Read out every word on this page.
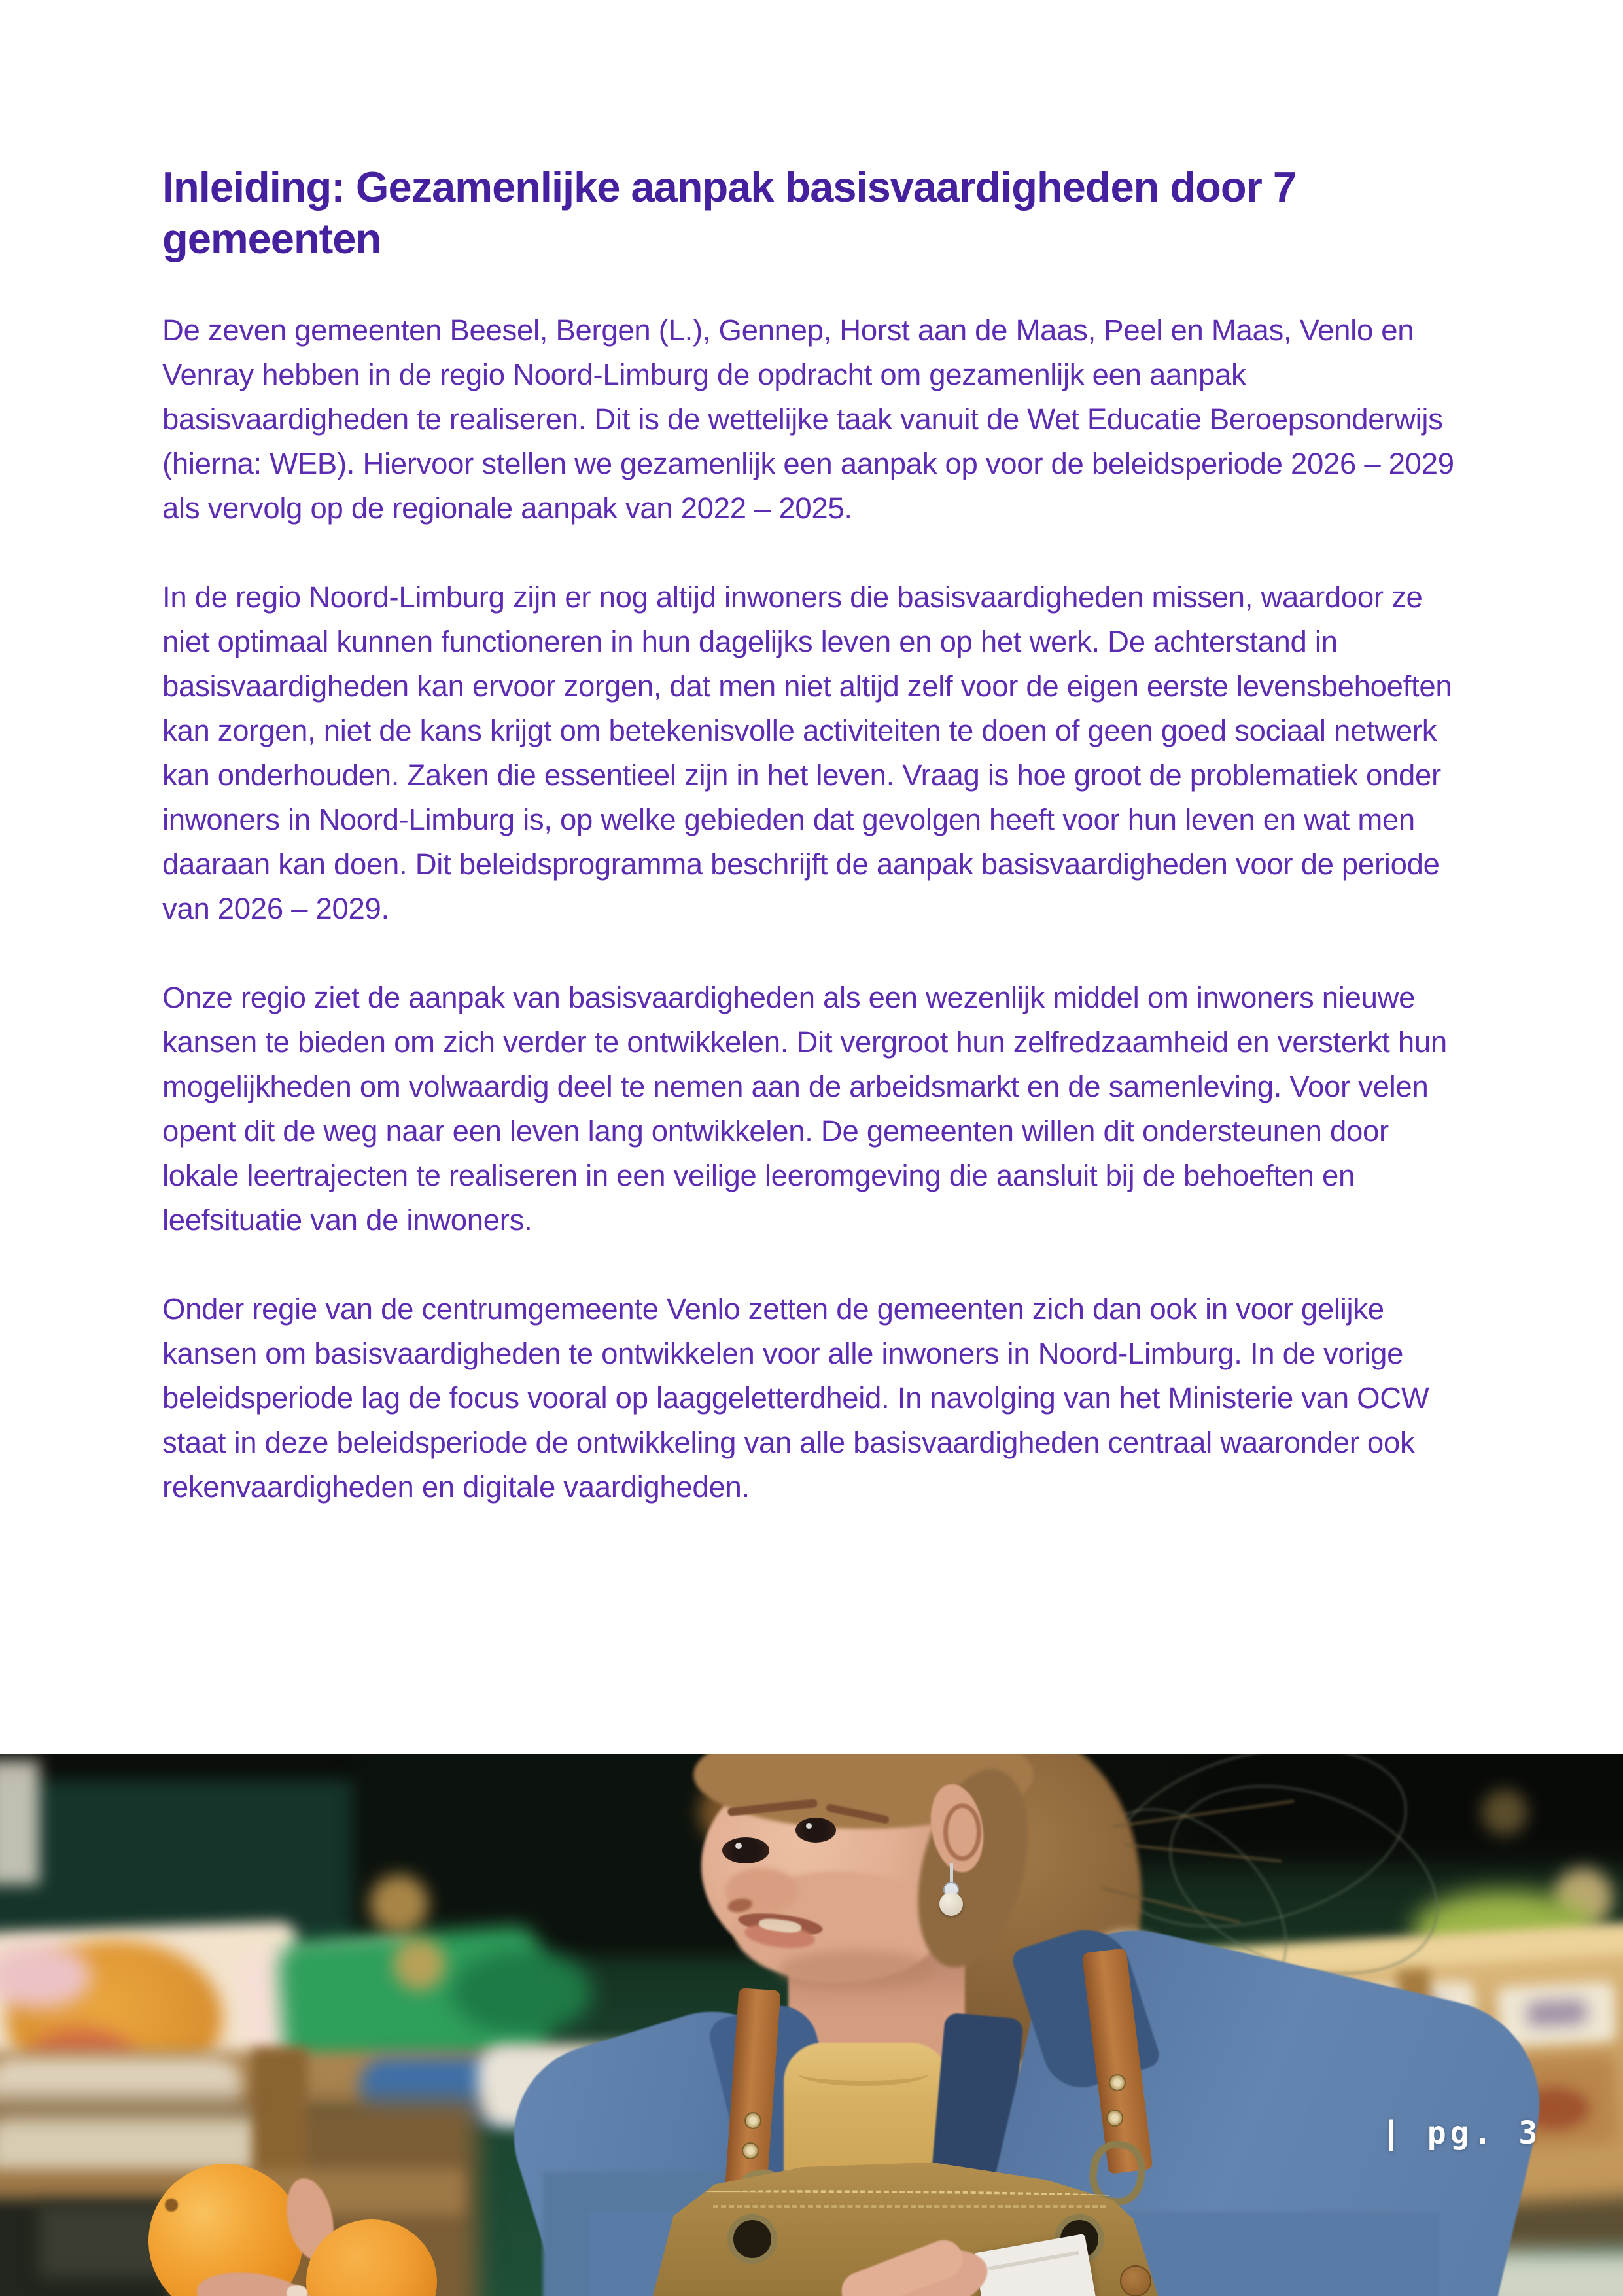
Inleiding: Gezamenlijke aanpak basisvaardigheden door 7 gemeenten

De zeven gemeenten Beesel, Bergen (L.), Gennep, Horst aan de Maas, Peel en Maas, Venlo en Venray hebben in de regio Noord-Limburg de opdracht om gezamenlijk een aanpak basisvaardigheden te realiseren. Dit is de wettelijke taak vanuit de Wet Educatie Beroepsonderwijs (hierna: WEB). Hiervoor stellen we gezamenlijk een aanpak op voor de beleidsperiode 2026 – 2029 als vervolg op de regionale aanpak van 2022 – 2025.

In de regio Noord-Limburg zijn er nog altijd inwoners die basisvaardigheden missen, waardoor ze niet optimaal kunnen functioneren in hun dagelijks leven en op het werk. De achterstand in basisvaardigheden kan ervoor zorgen, dat men niet altijd zelf voor de eigen eerste levensbehoeften kan zorgen, niet de kans krijgt om betekenisvolle activiteiten te doen of geen goed sociaal netwerk kan onderhouden. Zaken die essentieel zijn in het leven. Vraag is hoe groot de problematiek onder inwoners in Noord-Limburg is, op welke gebieden dat gevolgen heeft voor hun leven en wat men daaraan kan doen. Dit beleidsprogramma beschrijft de aanpak basisvaardigheden voor de periode van 2026 – 2029.

Onze regio ziet de aanpak van basisvaardigheden als een wezenlijk middel om inwoners nieuwe kansen te bieden om zich verder te ontwikkelen. Dit vergroot hun zelfredzaamheid en versterkt hun mogelijkheden om volwaardig deel te nemen aan de arbeidsmarkt en de samenleving. Voor velen opent dit de weg naar een leven lang ontwikkelen. De gemeenten willen dit ondersteunen door lokale leertrajecten te realiseren in een veilige leeromgeving die aansluit bij de behoeften en leefsituatie van de inwoners.

Onder regie van de centrumgemeente Venlo zetten de gemeenten zich dan ook in voor gelijke kansen om basisvaardigheden te ontwikkelen voor alle inwoners in Noord-Limburg. In de vorige beleidsperiode lag de focus vooral op laaggeletterdheid. In navolging van het Ministerie van OCW staat in deze beleidsperiode de ontwikkeling van alle basisvaardigheden centraal waaronder ook rekenvaardigheden en digitale vaardigheden.

| pg. 3
